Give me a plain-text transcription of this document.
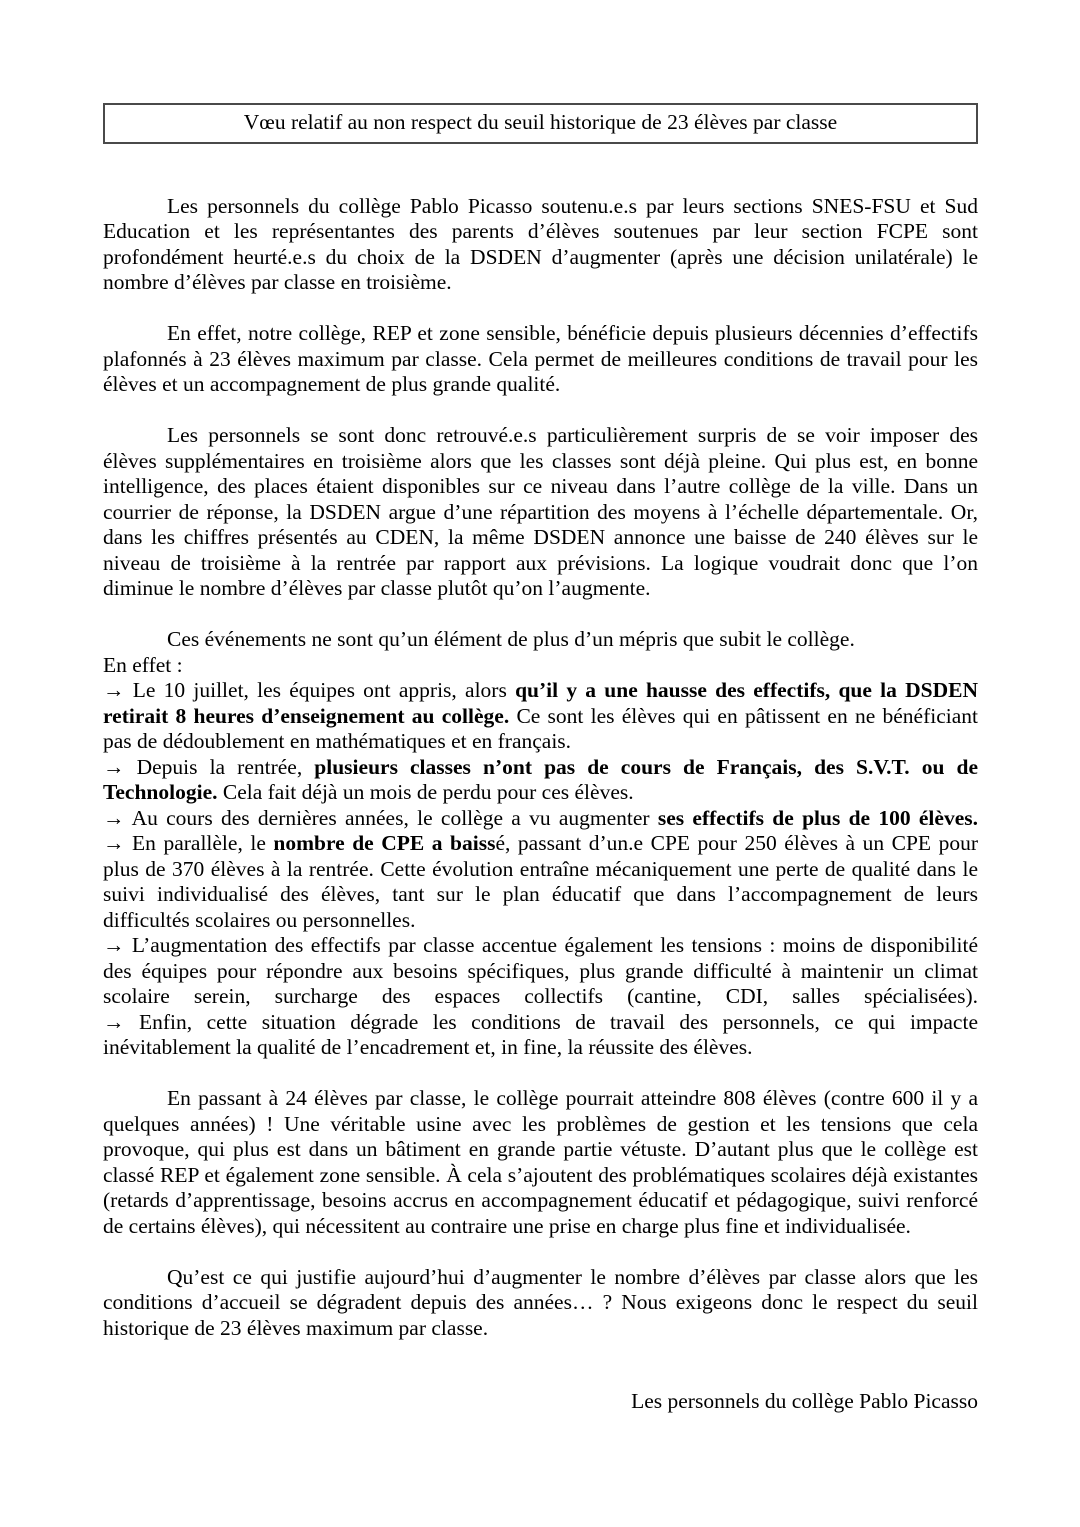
Vœu relatif au non respect du seuil historique de 23 élèves par classe

Les personnels du collège Pablo Picasso soutenu.e.s par leurs sections SNES-FSU et Sud Education et les représentantes des parents d’élèves soutenues par leur section FCPE sont profondément heurté.e.s du choix de la DSDEN d’augmenter (après une décision unilatérale) le nombre d’élèves par classe en troisième.

En effet, notre collège, REP et zone sensible, bénéficie depuis plusieurs décennies d’effectifs plafonnés à 23 élèves maximum par classe. Cela permet de meilleures conditions de travail pour les élèves et un accompagnement de plus grande qualité.

Les personnels se sont donc retrouvé.e.s particulièrement surpris de se voir imposer des élèves supplémentaires en troisième alors que les classes sont déjà pleine. Qui plus est, en bonne intelligence, des places étaient disponibles sur ce niveau dans l’autre collège de la ville. Dans un courrier de réponse, la DSDEN argue d’une répartition des moyens à l’échelle départementale. Or, dans les chiffres présentés au CDEN, la même DSDEN annonce une baisse de 240 élèves sur le niveau de troisième à la rentrée par rapport aux prévisions. La logique voudrait donc que l’on diminue le nombre d’élèves par classe plutôt qu’on l’augmente.

Ces événements ne sont qu’un élément de plus d’un mépris que subit le collège.

En effet :

→ Le 10 juillet, les équipes ont appris, alors qu’il y a une hausse des effectifs, que la DSDEN retirait 8 heures d’enseignement au collège. Ce sont les élèves qui en pâtissent en ne bénéficiant pas de dédoublement en mathématiques et en français.

→ Depuis la rentrée, plusieurs classes n’ont pas de cours de Français, des S.V.T. ou de Technologie. Cela fait déjà un mois de perdu pour ces élèves.

→ Au cours des dernières années, le collège a vu augmenter ses effectifs de plus de 100 élèves.

→ En parallèle, le nombre de CPE a baissé, passant d’un.e CPE pour 250 élèves à un CPE pour plus de 370 élèves à la rentrée. Cette évolution entraîne mécaniquement une perte de qualité dans le suivi individualisé des élèves, tant sur le plan éducatif que dans l’accompagnement de leurs difficultés scolaires ou personnelles.

→ L’augmentation des effectifs par classe accentue également les tensions : moins de disponibilité des équipes pour répondre aux besoins spécifiques, plus grande difficulté à maintenir un climat scolaire serein, surcharge des espaces collectifs (cantine, CDI, salles spécialisées).

→ Enfin, cette situation dégrade les conditions de travail des personnels, ce qui impacte inévitablement la qualité de l’encadrement et, in fine, la réussite des élèves.

En passant à 24 élèves par classe, le collège pourrait atteindre 808 élèves (contre 600 il y a quelques années) ! Une véritable usine avec les problèmes de gestion et les tensions que cela provoque, qui plus est dans un bâtiment en grande partie vétuste. D’autant plus que le collège est classé REP et également zone sensible. À cela s’ajoutent des problématiques scolaires déjà existantes (retards d’apprentissage, besoins accrus en accompagnement éducatif et pédagogique, suivi renforcé de certains élèves), qui nécessitent au contraire une prise en charge plus fine et individualisée.

Qu’est ce qui justifie aujourd’hui d’augmenter le nombre d’élèves par classe alors que les conditions d’accueil se dégradent depuis des années… ? Nous exigeons donc le respect du seuil historique de 23 élèves maximum par classe.

Les personnels du collège Pablo Picasso
